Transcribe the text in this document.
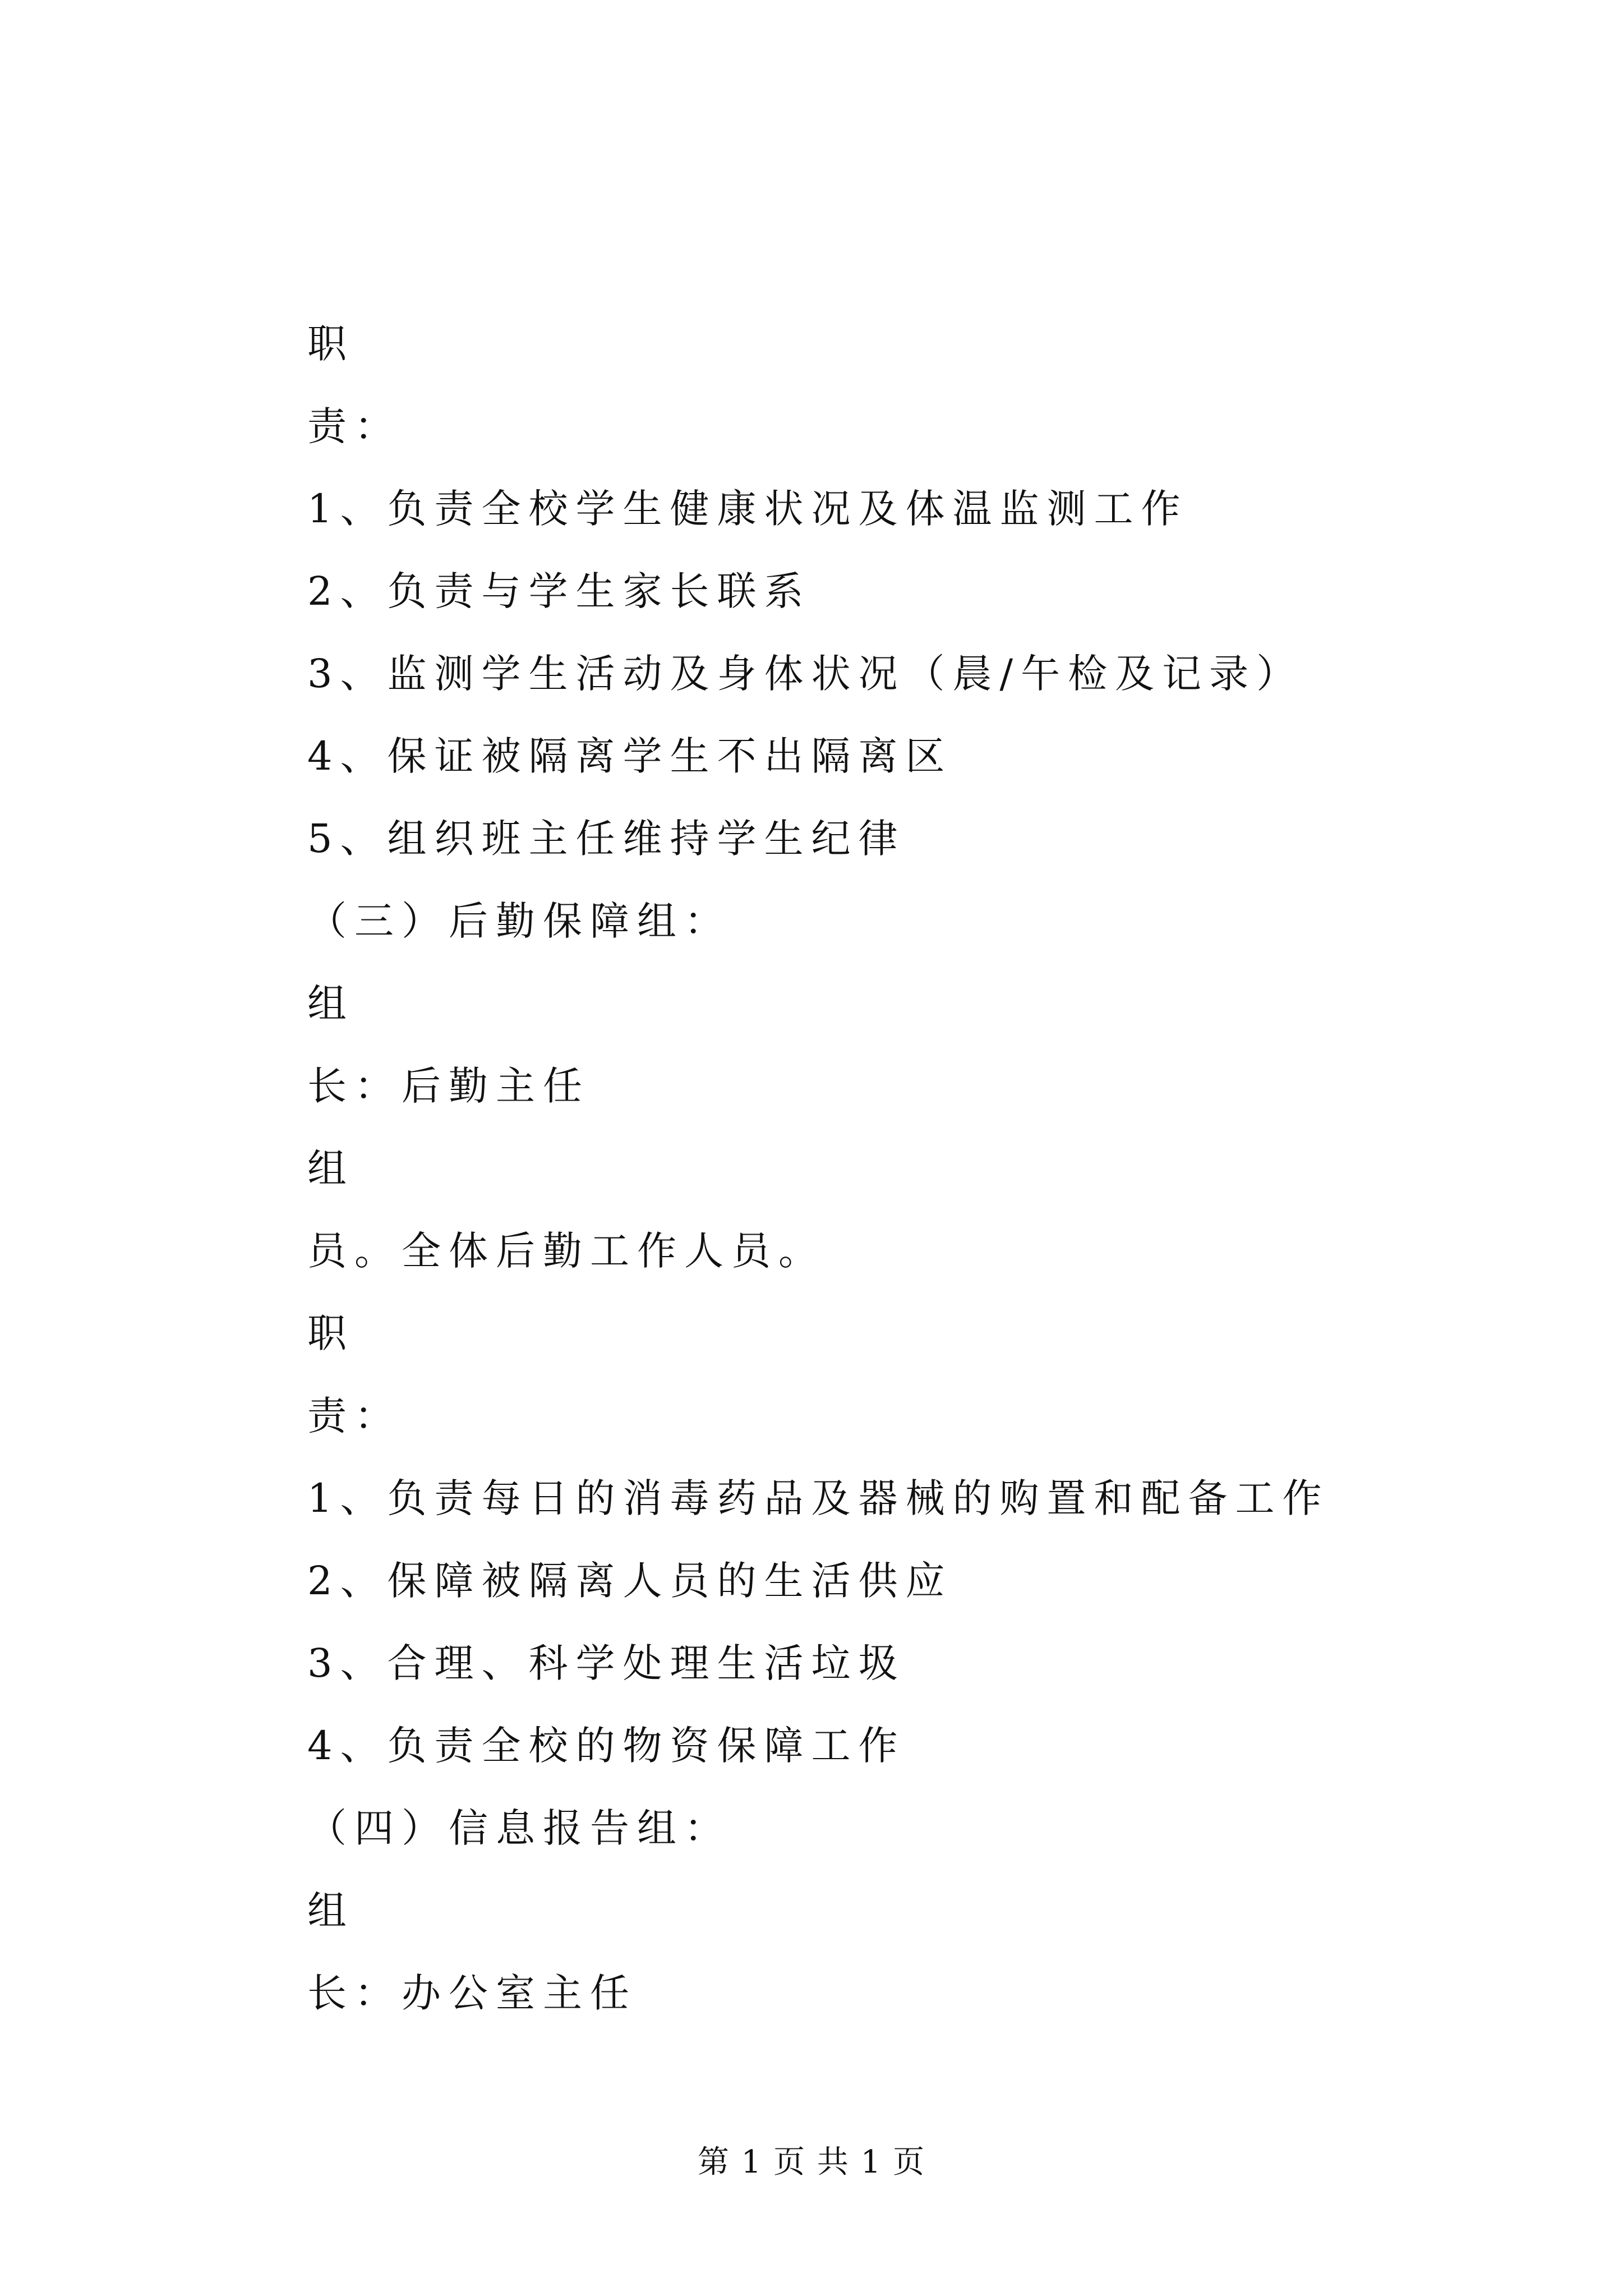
职
责：
1、负责全校学生健康状况及体温监测工作
2、负责与学生家长联系
3、监测学生活动及身体状况（晨/午检及记录）
4、保证被隔离学生不出隔离区
5、组织班主任维持学生纪律
（三）后勤保障组：
组
长：后勤主任
组
员。全体后勤工作人员。
职
责：
1、负责每日的消毒药品及器械的购置和配备工作
2、保障被隔离人员的生活供应
3、合理、科学处理生活垃圾
4、负责全校的物资保障工作
（四）信息报告组：
组
长：办公室主任
第 1 页 共 1 页
